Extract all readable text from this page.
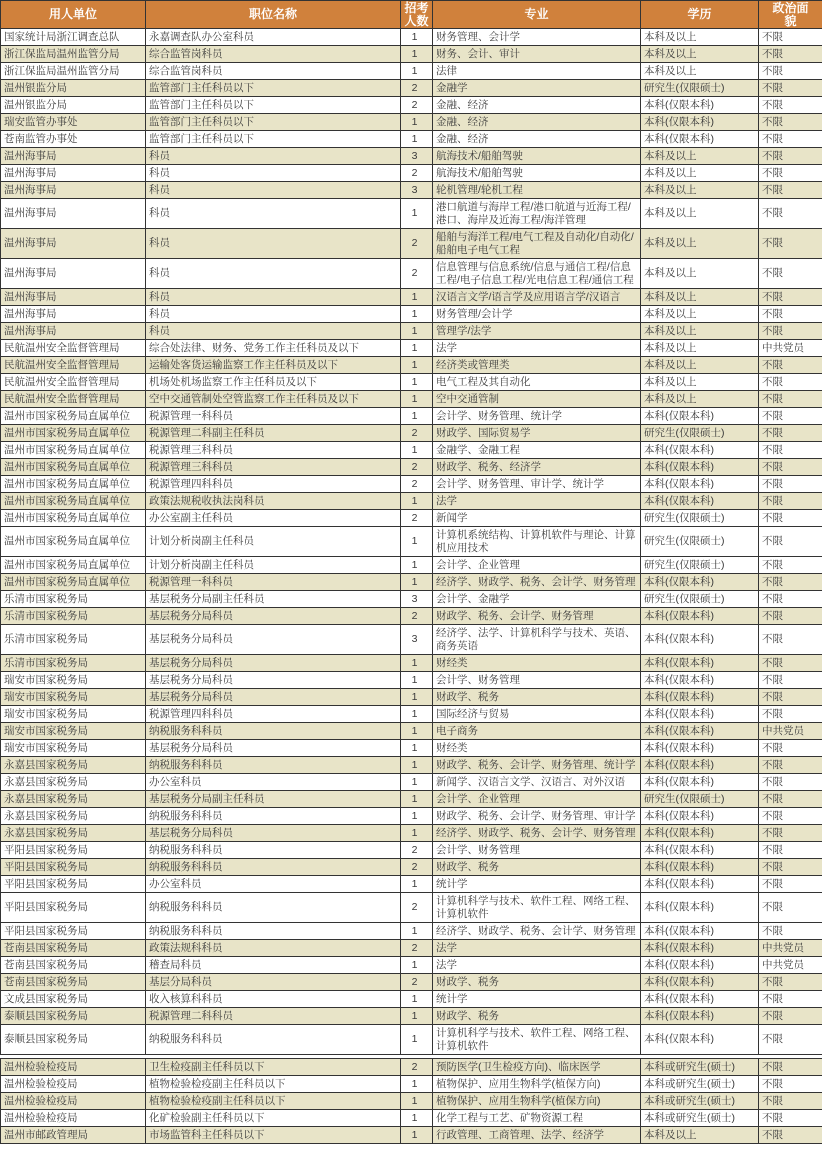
用人单位	职位名称	招考人数	专业	学历	政治面貌
国家统计局浙江调查总队	永嘉调查队办公室科员	1	财务管理、会计学	本科及以上	不限
浙江保监局温州监管分局	综合监管岗科员	1	财务、会计、审计	本科及以上	不限
浙江保监局温州监管分局	综合监管岗科员	1	法律	本科及以上	不限
温州银监分局	监管部门主任科员以下	2	金融学	研究生(仅限硕士)	不限
温州银监分局	监管部门主任科员以下	2	金融、经济	本科(仅限本科)	不限
瑞安监管办事处	监管部门主任科员以下	1	金融、经济	本科(仅限本科)	不限
苍南监管办事处	监管部门主任科员以下	1	金融、经济	本科(仅限本科)	不限
温州海事局	科员	3	航海技术/船舶驾驶	本科及以上	不限
温州海事局	科员	2	航海技术/船舶驾驶	本科及以上	不限
温州海事局	科员	3	轮机管理/轮机工程	本科及以上	不限
温州海事局	科员	1	港口航道与海岸工程/港口航道与近海工程/港口、海岸及近海工程/海洋管理	本科及以上	不限
温州海事局	科员	2	船舶与海洋工程/电气工程及自动化/自动化/船舶电子电气工程	本科及以上	不限
温州海事局	科员	2	信息管理与信息系统/信息与通信工程/信息工程/电子信息工程/光电信息工程/通信工程	本科及以上	不限
温州海事局	科员	1	汉语言文学/语言学及应用语言学/汉语言	本科及以上	不限
温州海事局	科员	1	财务管理/会计学	本科及以上	不限
温州海事局	科员	1	管理学/法学	本科及以上	不限
民航温州安全监督管理局	综合处法律、财务、党务工作主任科员及以下	1	法学	本科及以上	中共党员
民航温州安全监督管理局	运输处客货运输监察工作主任科员及以下	1	经济类或管理类	本科及以上	不限
民航温州安全监督管理局	机场处机场监察工作主任科员及以下	1	电气工程及其自动化	本科及以上	不限
民航温州安全监督管理局	空中交通管制处空管监察工作主任科员及以下	1	空中交通管制	本科及以上	不限
温州市国家税务局直属单位	税源管理一科科员	1	会计学、财务管理、统计学	本科(仅限本科)	不限
温州市国家税务局直属单位	税源管理二科副主任科员	2	财政学、国际贸易学	研究生(仅限硕士)	不限
温州市国家税务局直属单位	税源管理三科科员	1	金融学、金融工程	本科(仅限本科)	不限
温州市国家税务局直属单位	税源管理三科科员	2	财政学、税务、经济学	本科(仅限本科)	不限
温州市国家税务局直属单位	税源管理四科科员	2	会计学、财务管理、审计学、统计学	本科(仅限本科)	不限
温州市国家税务局直属单位	政策法规税收执法岗科员	1	法学	本科(仅限本科)	不限
温州市国家税务局直属单位	办公室副主任科员	2	新闻学	研究生(仅限硕士)	不限
温州市国家税务局直属单位	计划分析岗副主任科员	1	计算机系统结构、计算机软件与理论、计算机应用技术	研究生(仅限硕士)	不限
温州市国家税务局直属单位	计划分析岗副主任科员	1	会计学、企业管理	研究生(仅限硕士)	不限
温州市国家税务局直属单位	税源管理一科科员	1	经济学、财政学、税务、会计学、财务管理	本科(仅限本科)	不限
乐清市国家税务局	基层税务分局副主任科员	3	会计学、金融学	研究生(仅限硕士)	不限
乐清市国家税务局	基层税务分局科员	2	财政学、税务、会计学、财务管理	本科(仅限本科)	不限
乐清市国家税务局	基层税务分局科员	3	经济学、法学、计算机科学与技术、英语、商务英语	本科(仅限本科)	不限
乐清市国家税务局	基层税务分局科员	1	财经类	本科(仅限本科)	不限
瑞安市国家税务局	基层税务分局科员	1	会计学、财务管理	本科(仅限本科)	不限
瑞安市国家税务局	基层税务分局科员	1	财政学、税务	本科(仅限本科)	不限
瑞安市国家税务局	税源管理四科科员	1	国际经济与贸易	本科(仅限本科)	不限
瑞安市国家税务局	纳税服务科科员	1	电子商务	本科(仅限本科)	中共党员
瑞安市国家税务局	基层税务分局科员	1	财经类	本科(仅限本科)	不限
永嘉县国家税务局	纳税服务科科员	1	财政学、税务、会计学、财务管理、统计学	本科(仅限本科)	不限
永嘉县国家税务局	办公室科员	1	新闻学、汉语言文学、汉语言、对外汉语	本科(仅限本科)	不限
永嘉县国家税务局	基层税务分局副主任科员	1	会计学、企业管理	研究生(仅限硕士)	不限
永嘉县国家税务局	纳税服务科科员	1	财政学、税务、会计学、财务管理、审计学	本科(仅限本科)	不限
永嘉县国家税务局	基层税务分局科员	1	经济学、财政学、税务、会计学、财务管理	本科(仅限本科)	不限
平阳县国家税务局	纳税服务科科员	2	会计学、财务管理	本科(仅限本科)	不限
平阳县国家税务局	纳税服务科科员	2	财政学、税务	本科(仅限本科)	不限
平阳县国家税务局	办公室科员	1	统计学	本科(仅限本科)	不限
平阳县国家税务局	纳税服务科科员	2	计算机科学与技术、软件工程、网络工程、计算机软件	本科(仅限本科)	不限
平阳县国家税务局	纳税服务科科员	1	经济学、财政学、税务、会计学、财务管理	本科(仅限本科)	不限
苍南县国家税务局	政策法规科科员	2	法学	本科(仅限本科)	中共党员
苍南县国家税务局	稽查局科员	1	法学	本科(仅限本科)	中共党员
苍南县国家税务局	基层分局科员	2	财政学、税务	本科(仅限本科)	不限
文成县国家税务局	收入核算科科员	1	统计学	本科(仅限本科)	不限
泰顺县国家税务局	税源管理二科科员	1	财政学、税务	本科(仅限本科)	不限
泰顺县国家税务局	纳税服务科科员	1	计算机科学与技术、软件工程、网络工程、计算机软件	本科(仅限本科)	不限

温州检验检疫局	卫生检疫副主任科员以下	2	预防医学(卫生检疫方向)、临床医学	本科或研究生(硕士)	不限
温州检验检疫局	植物检验检疫副主任科员以下	1	植物保护、应用生物科学(植保方向)	本科或研究生(硕士)	不限
温州检验检疫局	植物检验检疫副主任科员以下	1	植物保护、应用生物科学(植保方向)	本科或研究生(硕士)	不限
温州检验检疫局	化矿检验副主任科员以下	1	化学工程与工艺、矿物资源工程	本科或研究生(硕士)	不限
温州市邮政管理局	市场监管科主任科员以下	1	行政管理、工商管理、法学、经济学	本科及以上	不限
